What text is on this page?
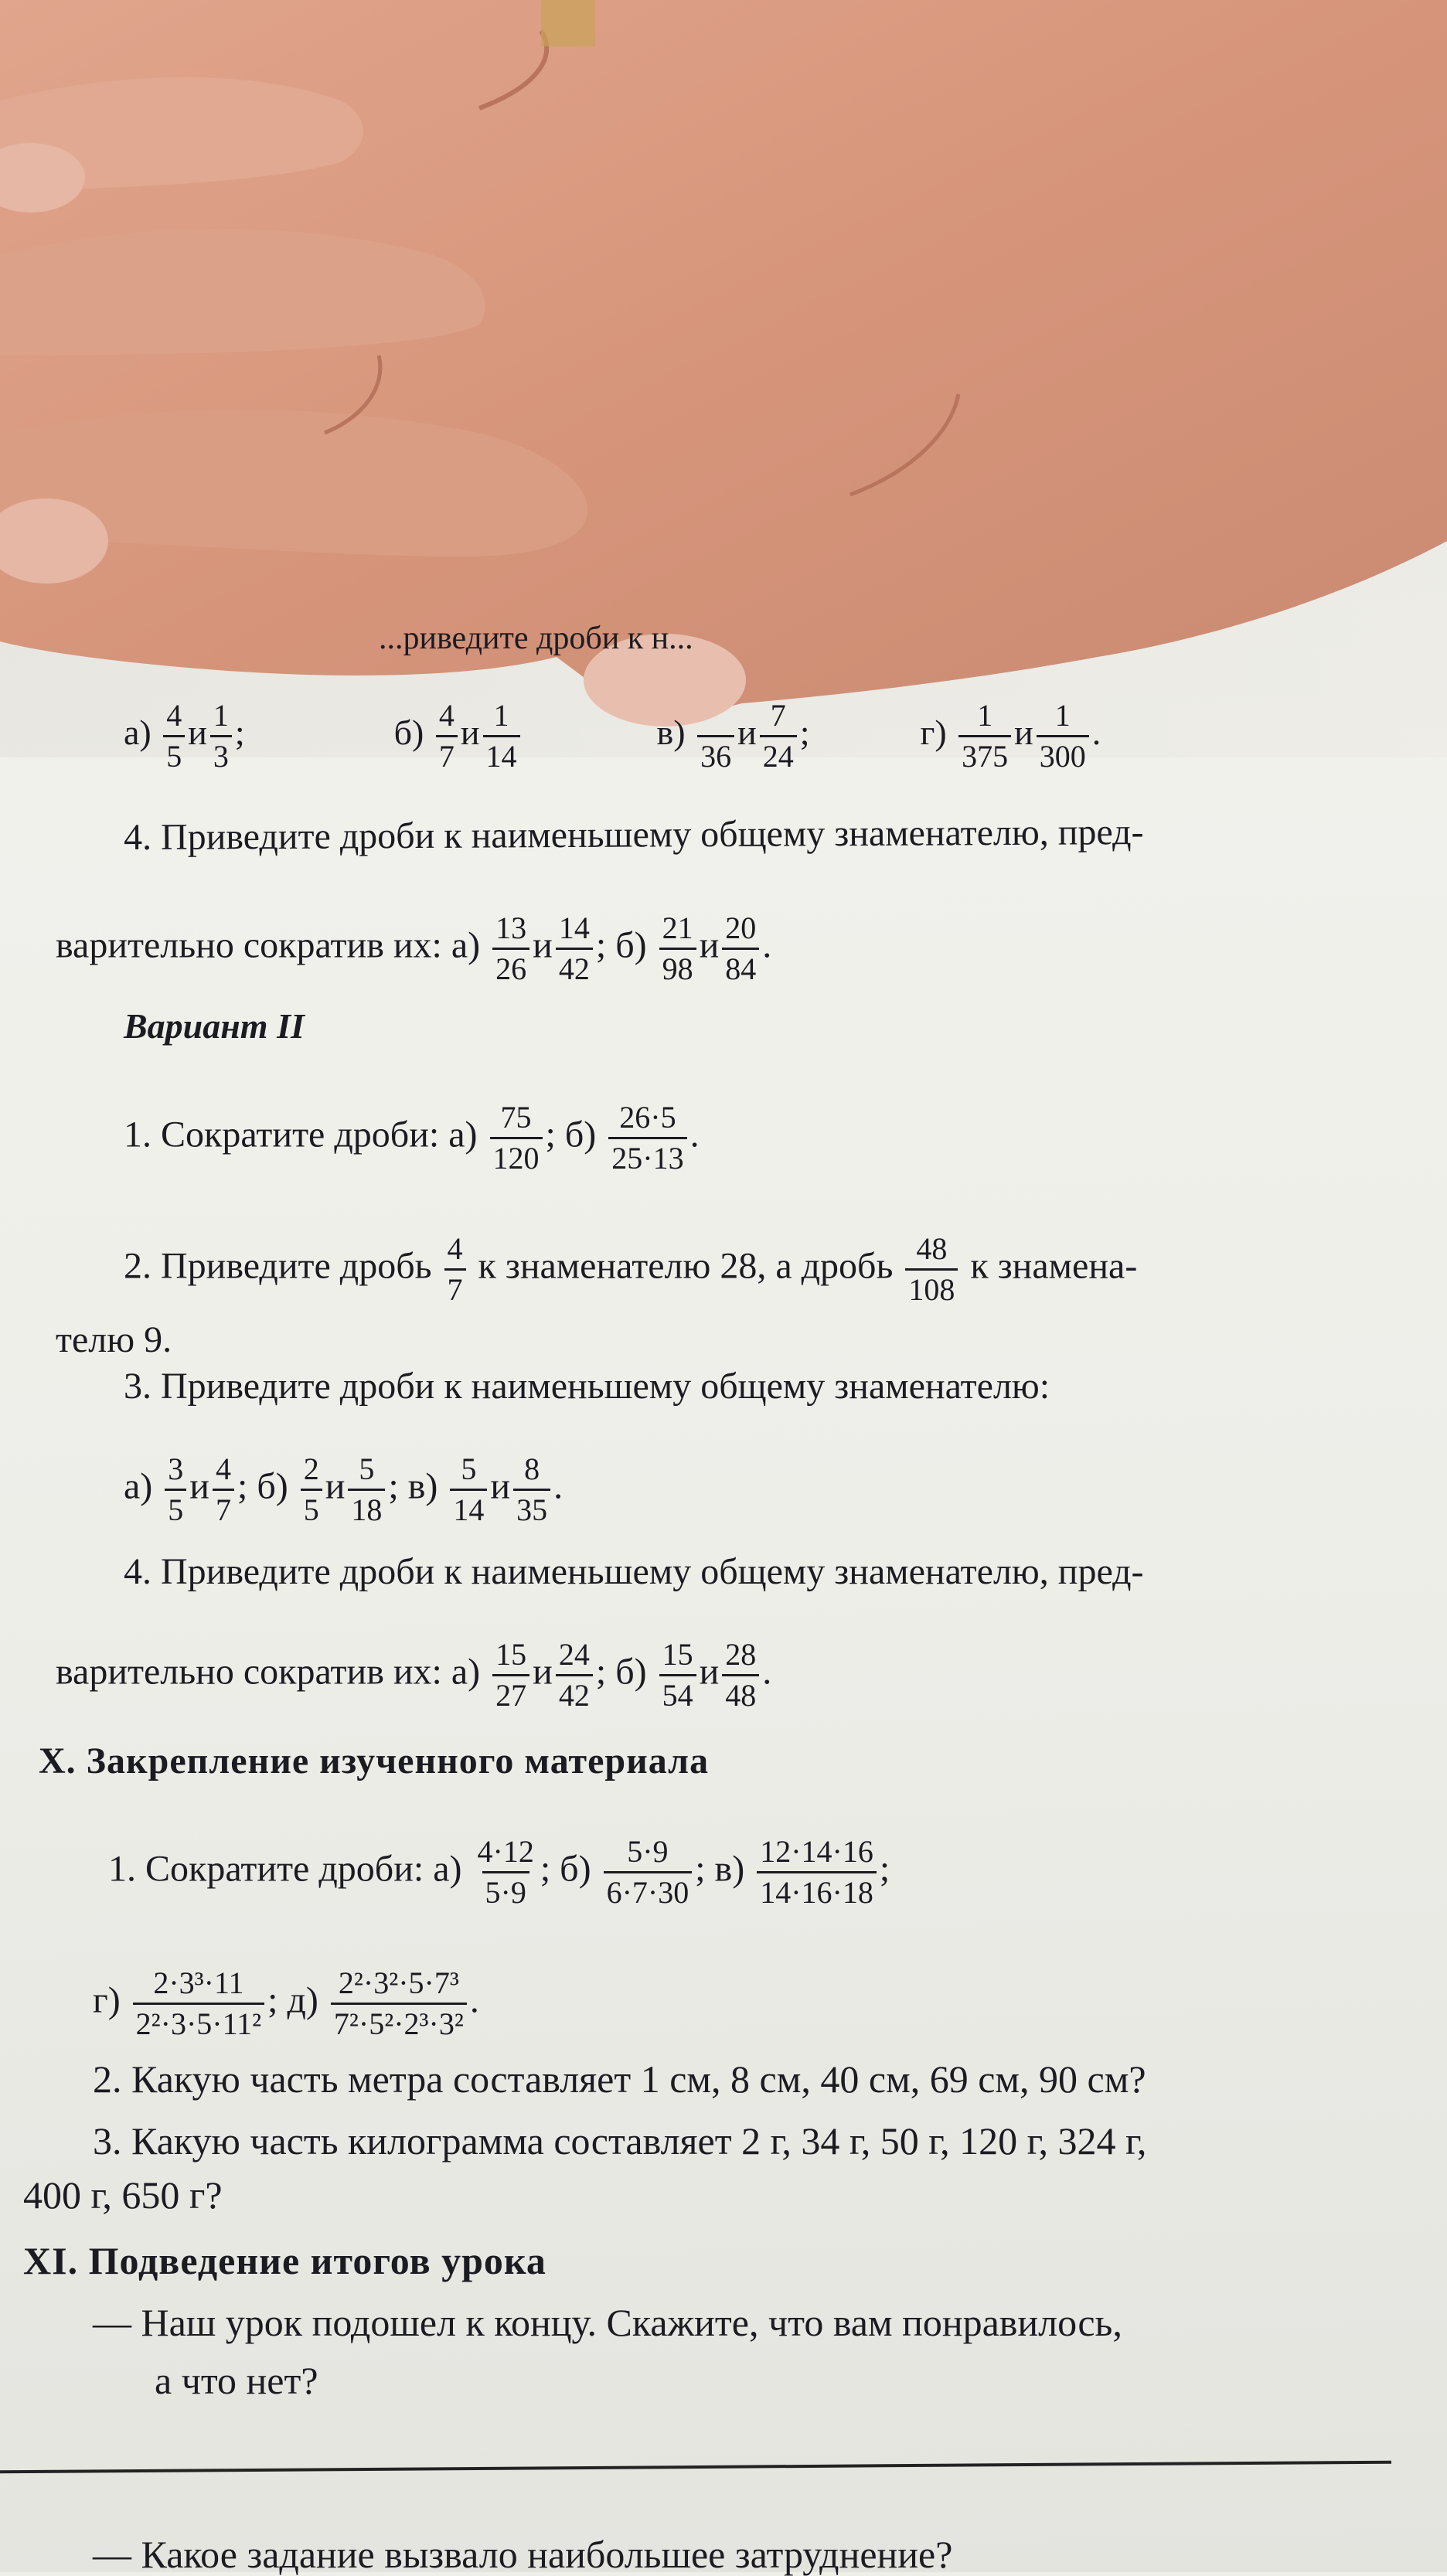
...риведите дроби к н...
$а) \frac{4}{5}$ и $\frac{1}{3}$ ;	$б) \frac{4}{7}$ и $\frac{1}{14}$	в)

36
и $\frac{7}{24}$ ;	$г) \frac{1}{375}$ и $\frac{1}{300}$ .
4. Приведите дроби к наименьшему общему знаменателю, пред-
варительно сократив их: $а) \frac{13}{26}$ и $\frac{14}{42}$ ; $б) \frac{21}{98}$ и $\frac{20}{84}$ .
Вариант II
1. Сократите дроби: $а) \frac{75}{120}$ ; $б) \frac{26\cdot 5}{25\cdot 13}$ .
2. Приведите дробь $\frac{4}{7}$ к знаменателю 28, а дробь $\frac{48}{108}$ к знамена-
телю 9.
3. Приведите дроби к наименьшему общему знаменателю:
$а) \frac{3}{5}$ и $\frac{4}{7}$ ; $б) \frac{2}{5}$ и $\frac{5}{18}$ ; $в) \frac{5}{14}$ и $\frac{8}{35}$ .
4. Приведите дроби к наименьшему общему знаменателю, пред-
варительно сократив их: $а) \frac{15}{27}$ и $\frac{24}{42}$ ; $б) \frac{15}{54}$ и $\frac{28}{48}$ .
X. Закрепление изученного материала
1. Сократите дроби: $а) \frac{4\cdot 12}{5\cdot 9}$ ; $б) \frac{5\cdot 9}{6\cdot 7\cdot 30}$ ; $в) \frac{12\cdot 14\cdot 16}{14\cdot 16\cdot 18}$ ;
$г) \frac{\text{2·3³·11}}{\text{2²·3·5·11²}}$ ; $д) \frac{\text{2²·3²·5·7³}}{\text{7²·5²·2³·3²}}$ .
2. Какую часть метра составляет 1 см, 8 см, 40 см, 69 см, 90 см?
3. Какую часть килограмма составляет 2 г, 34 г, 50 г, 120 г, 324 г,
400 г, 650 г?
XI. Подведение итогов урока
— Наш урок подошел к концу. Скажите, что вам понравилось,
а что нет?
— Какое задание вызвало наибольшее затруднение?
